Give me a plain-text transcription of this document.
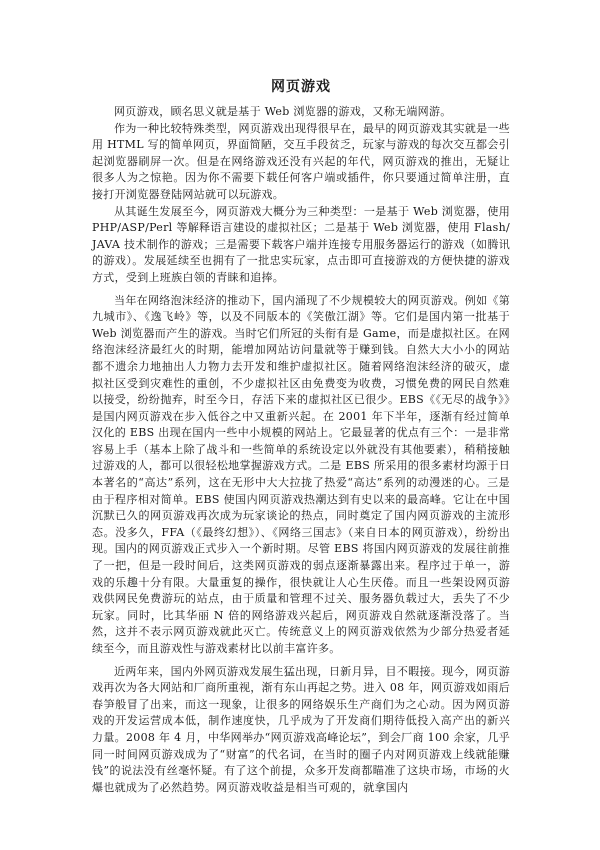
网页游戏

网页游戏，顾名思义就是基于 Web 浏览器的游戏，又称无端网游。

作为一种比较特殊类型，网页游戏出现得很早在，最早的网页游戏其实就是一些用 HTML 写的简单网页，界面简陋，交互手段贫乏，玩家与游戏的每次交互都会引起浏览器刷屏一次。但是在网络游戏还没有兴起的年代，网页游戏的推出，无疑让很多人为之惊艳。因为你不需要下载任何客户端或插件，你只要通过简单注册，直接打开浏览器登陆网站就可以玩游戏。

从其诞生发展至今，网页游戏大概分为三种类型：一是基于 Web 浏览器，使用 PHP/ASP/Perl 等解释语言建设的虚拟社区；二是基于 Web 浏览器，使用 Flash/JAVA 技术制作的游戏；三是需要下载客户端并连接专用服务器运行的游戏（如腾讯的游戏）。发展延续至也拥有了一批忠实玩家，点击即可直接游戏的方便快捷的游戏方式，受到上班族白领的青睐和追捧。

当年在网络泡沫经济的推动下，国内涌现了不少规模较大的网页游戏。例如《第九城市》、《逸飞岭》等，以及不同版本的《笑傲江湖》等。它们是国内第一批基于 Web 浏览器而产生的游戏。当时它们所冠的头衔有是 Game，而是虚拟社区。在网络泡沫经济最红火的时期，能增加网站访问量就等于赚到钱。自然大大小小的网站都不遗余力地抽出人力物力去开发和维护虚拟社区。随着网络泡沫经济的破灭，虚拟社区受到灾难性的重创，不少虚拟社区由免费变为收费，习惯免费的网民自然难以接受，纷纷抛弃，时至今日，存活下来的虚拟社区已很少。EBS《《无尽的战争》》是国内网页游戏在步入低谷之中又重新兴起。在 2001 年下半年，逐渐有经过简单汉化的 EBS 出现在国内一些中小规模的网站上。它最显著的优点有三个：一是非常容易上手（基本上除了战斗和一些简单的系统设定以外就没有其他要素），稍稍接触过游戏的人，都可以很轻松地掌握游戏方式。二是 EBS 所采用的很多素材均源于日本著名的“高达”系列，这在无形中大大拉拢了热爱“高达”系列的动漫迷的心。三是由于程序相对简单。EBS 使国内网页游戏热潮达到有史以来的最高峰。它让在中国沉默已久的网页游戏再次成为玩家谈论的热点，同时奠定了国内网页游戏的主流形态。没多久，FFA（《最终幻想》）、《网络三国志》（来自日本的网页游戏），纷纷出现。国内的网页游戏正式步入一个新时期。尽管 EBS 将国内网页游戏的发展往前推了一把，但是一段时间后，这类网页游戏的弱点逐渐暴露出来。程序过于单一，游戏的乐趣十分有限。大量重复的操作，很快就让人心生厌倦。而且一些架设网页游戏供网民免费游玩的站点，由于质量和管理不过关、服务器负载过大，丢失了不少玩家。同时，比其华丽 N 倍的网络游戏兴起后，网页游戏自然就逐渐没落了。当然，这并不表示网页游戏就此灭亡。传统意义上的网页游戏依然为少部分热爱者延续至今，而且游戏性与游戏素材比以前丰富许多。

近两年来，国内外网页游戏发展生猛出现，日新月异，目不暇接。现今，网页游戏再次为各大网站和厂商所重视，渐有东山再起之势。进入 08 年，网页游戏如雨后春笋般冒了出来，而这一现象，让很多的网络娱乐生产商们为之心动。因为网页游戏的开发运营成本低，制作速度快，几乎成为了开发商们期待低投入高产出的新兴力量。2008 年 4 月，中华网举办“网页游戏高峰论坛”，到会厂商 100 余家，几乎同一时间网页游戏成为了“财富”的代名词，在当时的圈子内对网页游戏上线就能赚钱”的说法没有丝毫怀疑。有了这个前提，众多开发商都瞄准了这块市场，市场的火爆也就成为了必然趋势。网页游戏收益是相当可观的，就拿国内
